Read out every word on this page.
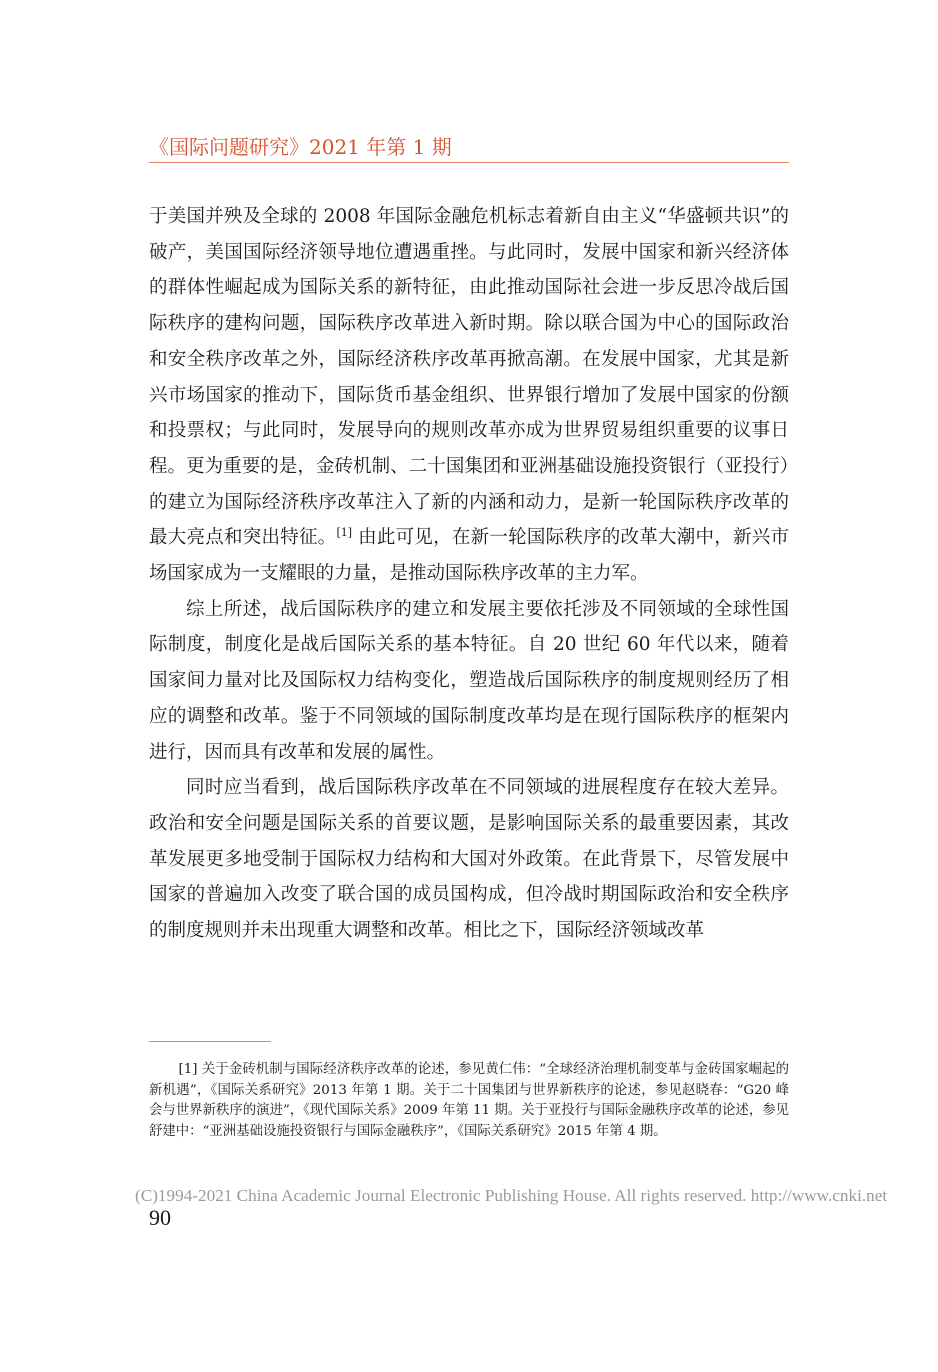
《国际问题研究》2021 年第 1 期

于美国并殃及全球的 2008 年国际金融危机标志着新自由主义“华盛顿共识”的破产，美国国际经济领导地位遭遇重挫。与此同时，发展中国家和新兴经济体的群体性崛起成为国际关系的新特征，由此推动国际社会进一步反思冷战后国际秩序的建构问题，国际秩序改革进入新时期。除以联合国为中心的国际政治和安全秩序改革之外，国际经济秩序改革再掀高潮。在发展中国家，尤其是新兴市场国家的推动下，国际货币基金组织、世界银行增加了发展中国家的份额和投票权；与此同时，发展导向的规则改革亦成为世界贸易组织重要的议事日程。更为重要的是，金砖机制、二十国集团和亚洲基础设施投资银行（亚投行）的建立为国际经济秩序改革注入了新的内涵和动力，是新一轮国际秩序改革的最大亮点和突出特征。[1] 由此可见，在新一轮国际秩序的改革大潮中，新兴市场国家成为一支耀眼的力量，是推动国际秩序改革的主力军。

综上所述，战后国际秩序的建立和发展主要依托涉及不同领域的全球性国际制度，制度化是战后国际关系的基本特征。自 20 世纪 60 年代以来，随着国家间力量对比及国际权力结构变化，塑造战后国际秩序的制度规则经历了相应的调整和改革。鉴于不同领域的国际制度改革均是在现行国际秩序的框架内进行，因而具有改革和发展的属性。

同时应当看到，战后国际秩序改革在不同领域的进展程度存在较大差异。政治和安全问题是国际关系的首要议题，是影响国际关系的最重要因素，其改革发展更多地受制于国际权力结构和大国对外政策。在此背景下，尽管发展中国家的普遍加入改变了联合国的成员国构成，但冷战时期国际政治和安全秩序的制度规则并未出现重大调整和改革。相比之下，国际经济领域改革

[1] 关于金砖机制与国际经济秩序改革的论述，参见黄仁伟：“全球经济治理机制变革与金砖国家崛起的新机遇”，《国际关系研究》2013 年第 1 期。关于二十国集团与世界新秩序的论述，参见赵晓春：“G20 峰会与世界新秩序的演进”，《现代国际关系》2009 年第 11 期。关于亚投行与国际金融秩序改革的论述，参见舒建中：“亚洲基础设施投资银行与国际金融秩序”，《国际关系研究》2015 年第 4 期。
(C)1994-2021 China Academic Journal Electronic Publishing House. All rights reserved. http://www.cnki.net
90
